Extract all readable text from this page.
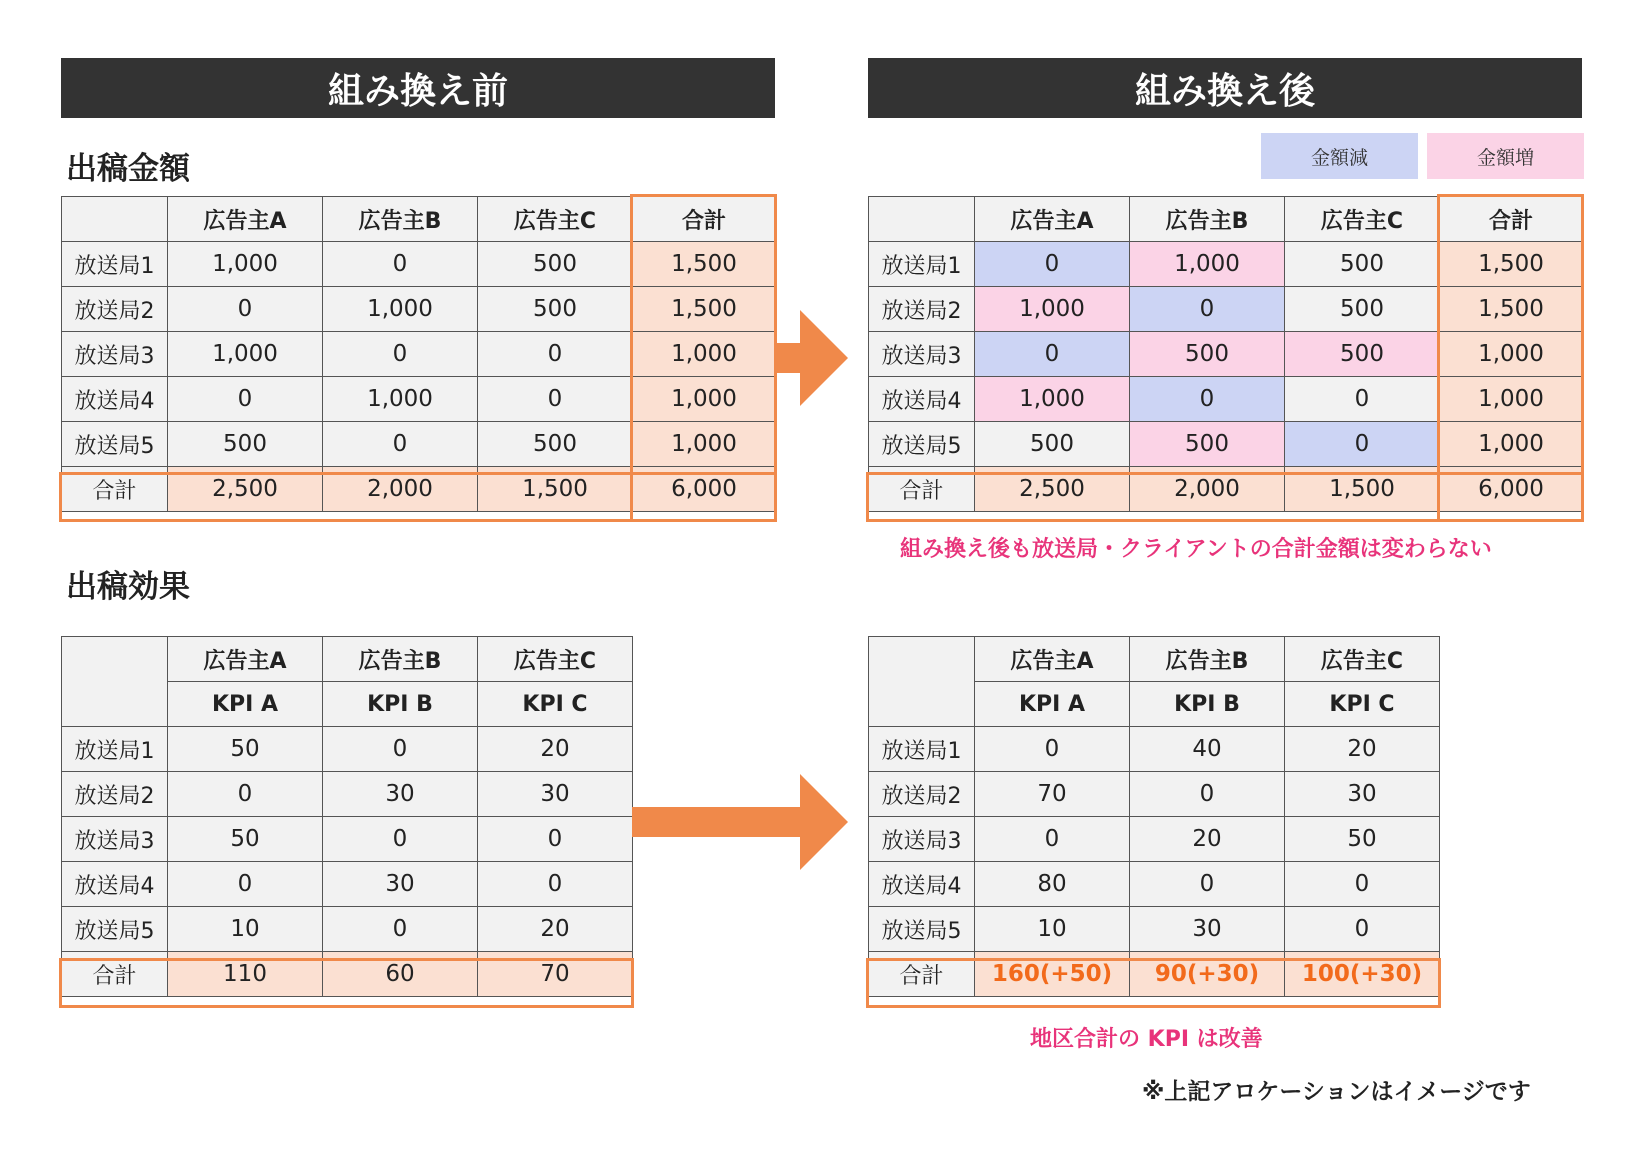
組み換え前	組み換え後
出稿金額
出稿効果
金額減	金額増
	広告主A	広告主B	広告主C	合計
放送局1	1,000	0	500	1,500
放送局2	0	1,000	500	1,500
放送局3	1,000	0	0	1,000
放送局4	0	1,000	0	1,000
放送局5	500	0	500	1,000
合計	2,500	2,000	1,500	6,000
	広告主A	広告主B	広告主C	合計
放送局1	0	1,000	500	1,500
放送局2	1,000	0	500	1,500
放送局3	0	500	500	1,000
放送局4	1,000	0	0	1,000
放送局5	500	500	0	1,000
合計	2,500	2,000	1,500	6,000
組み換え後も放送局・クライアントの合計金額は変わらない
	広告主A	広告主B	広告主C
	KPI A	KPI B	KPI C
放送局1	50	0	20
放送局2	0	30	30
放送局3	50	0	0
放送局4	0	30	0
放送局5	10	0	20
合計	110	60	70
	広告主A	広告主B	広告主C
	KPI A	KPI B	KPI C
放送局1	0	40	20
放送局2	70	0	30
放送局3	0	20	50
放送局4	80	0	0
放送局5	10	30	0
合計	160(+50)	90(+30)	100(+30)
地区合計の KPI は改善
※上記アロケーションはイメージです
